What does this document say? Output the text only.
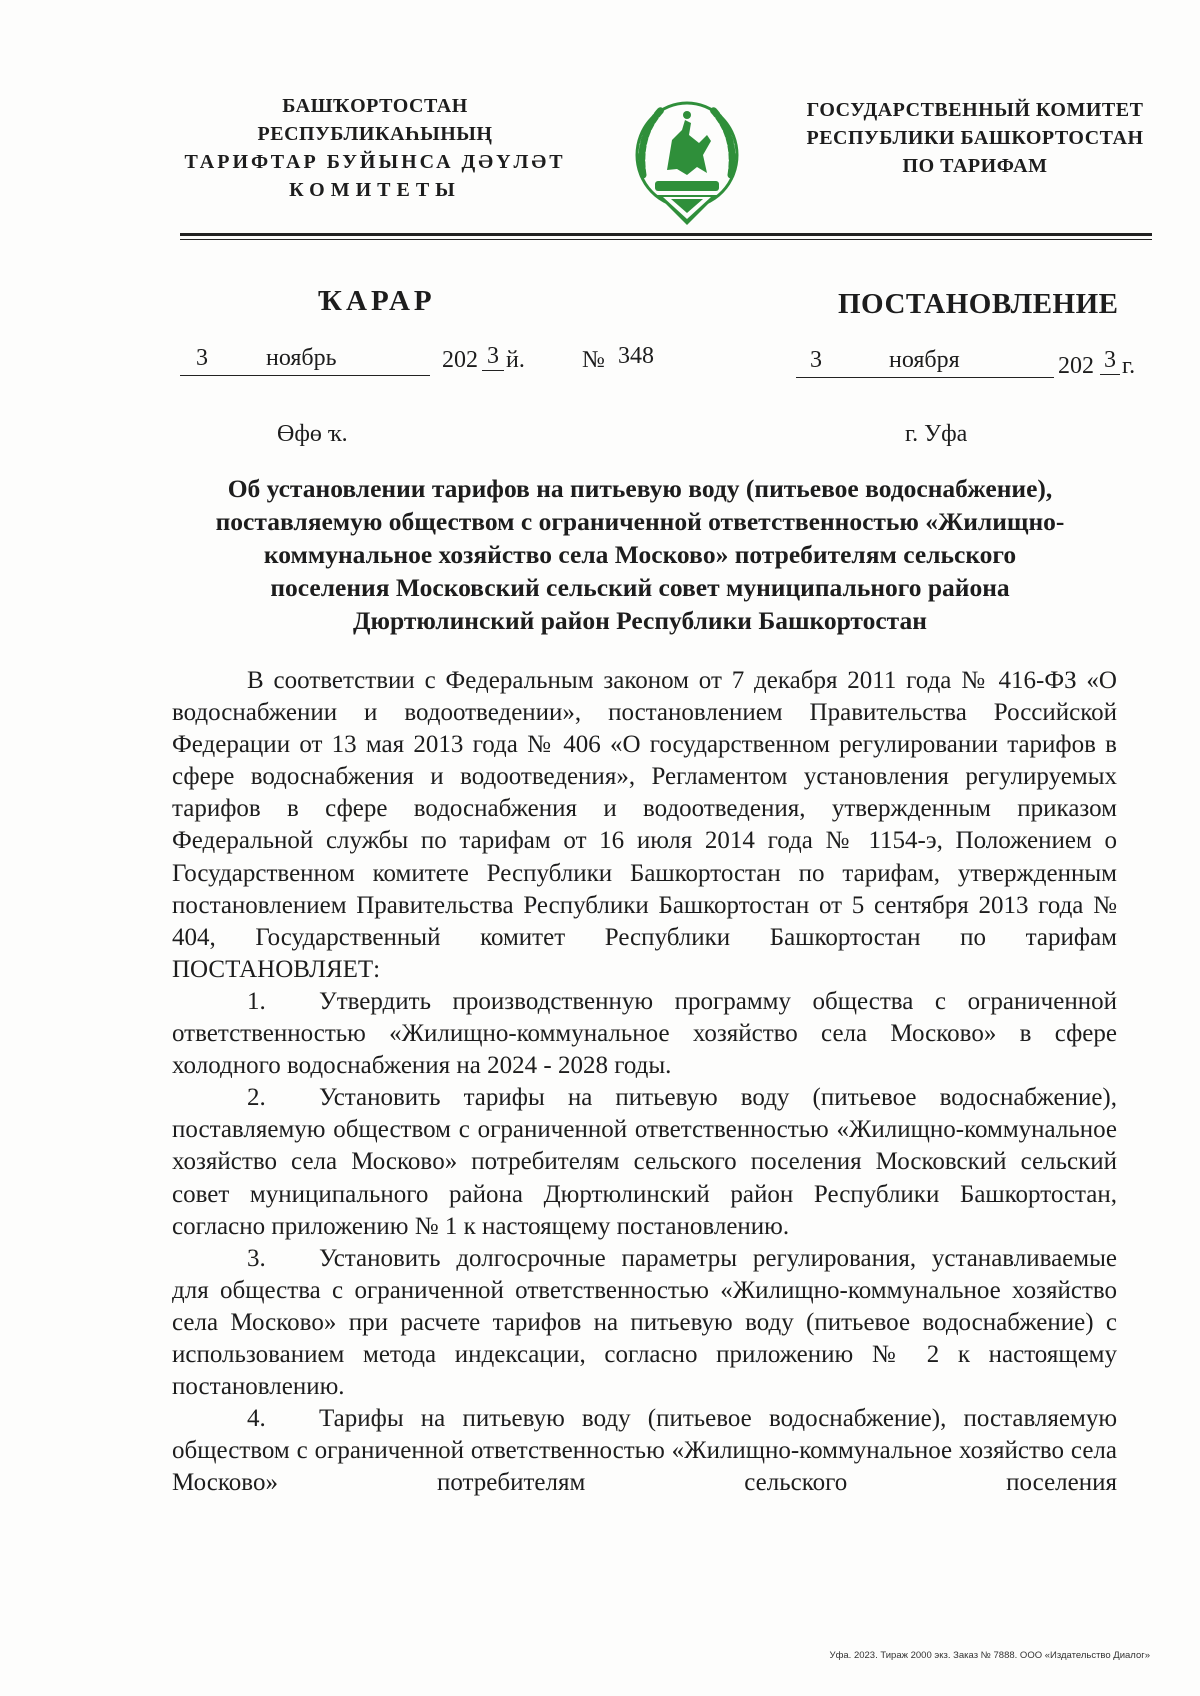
БАШҠОРТОСТАН РЕСПУБЛИКАҺЫНЫҢ
ТАРИФТАР БУЙЫНСА ДӘҮЛӘТ
КОМИТЕТЫ
ГОСУДАРСТВЕННЫЙ КОМИТЕТ
РЕСПУБЛИКИ БАШКОРТОСТАН
ПО ТАРИФАМ
ҠАРАР	ПОСТАНОВЛЕНИЕ
3 ноябрь	202 3 й. № 348	3	ноября	202 3 г.
Өфө ҡ.	г. Уфа
Об установлении тарифов на питьевую воду (питьевое водоснабжение),
поставляемую обществом с ограниченной ответственностью «Жилищно-
коммунальное хозяйство села Московo» потребителям сельского
поселения Московский сельский совет муниципального района
Дюртюлинский район Республики Башкортостан

В соответствии с Федеральным законом от 7 декабря 2011 года № 416-ФЗ «О водоснабжении и водоотведении», постановлением Правительства Российской Федерации от 13 мая 2013 года № 406 «О государственном регулировании тарифов в сфере водоснабжения и водоотведения», Регламентом установления регулируемых тарифов в сфере водоснабжения и водоотведения, утвержденным приказом Федеральной службы по тарифам от 16 июля 2014 года № 1154-э, Положением о Государственном комитете Республики Башкортостан по тарифам, утвержденным постановлением Правительства Республики Башкортостан от 5 сентября 2013 года № 404, Государственный комитет Республики Башкортостан по тарифам ПОСТАНОВЛЯЕТ:

1. Утвердить производственную программу общества с ограниченной ответственностью «Жилищно-коммунальное хозяйство села Московo» в сфере холодного водоснабжения на 2024 - 2028 годы.

2. Установить тарифы на питьевую воду (питьевое водоснабжение), поставляемую обществом с ограниченной ответственностью «Жилищно-коммунальное хозяйство села Московo» потребителям сельского поселения Московский сельский совет муниципального района Дюртюлинский район Республики Башкортостан, согласно приложению № 1 к настоящему постановлению.

3. Установить долгосрочные параметры регулирования, устанавливаемые для общества с ограниченной ответственностью «Жилищно-коммунальное хозяйство села Московo» при расчете тарифов на питьевую воду (питьевое водоснабжение) с использованием метода индексации, согласно приложению № 2 к настоящему постановлению.

4. Тарифы на питьевую воду (питьевое водоснабжение), поставляемую обществом с ограниченной ответственностью «Жилищно-коммунальное хозяйство села Московo» потребителям сельского поселения

Уфа. 2023. Тираж 2000 экз. Заказ № 7888. ООО «Издательство Диалог»
